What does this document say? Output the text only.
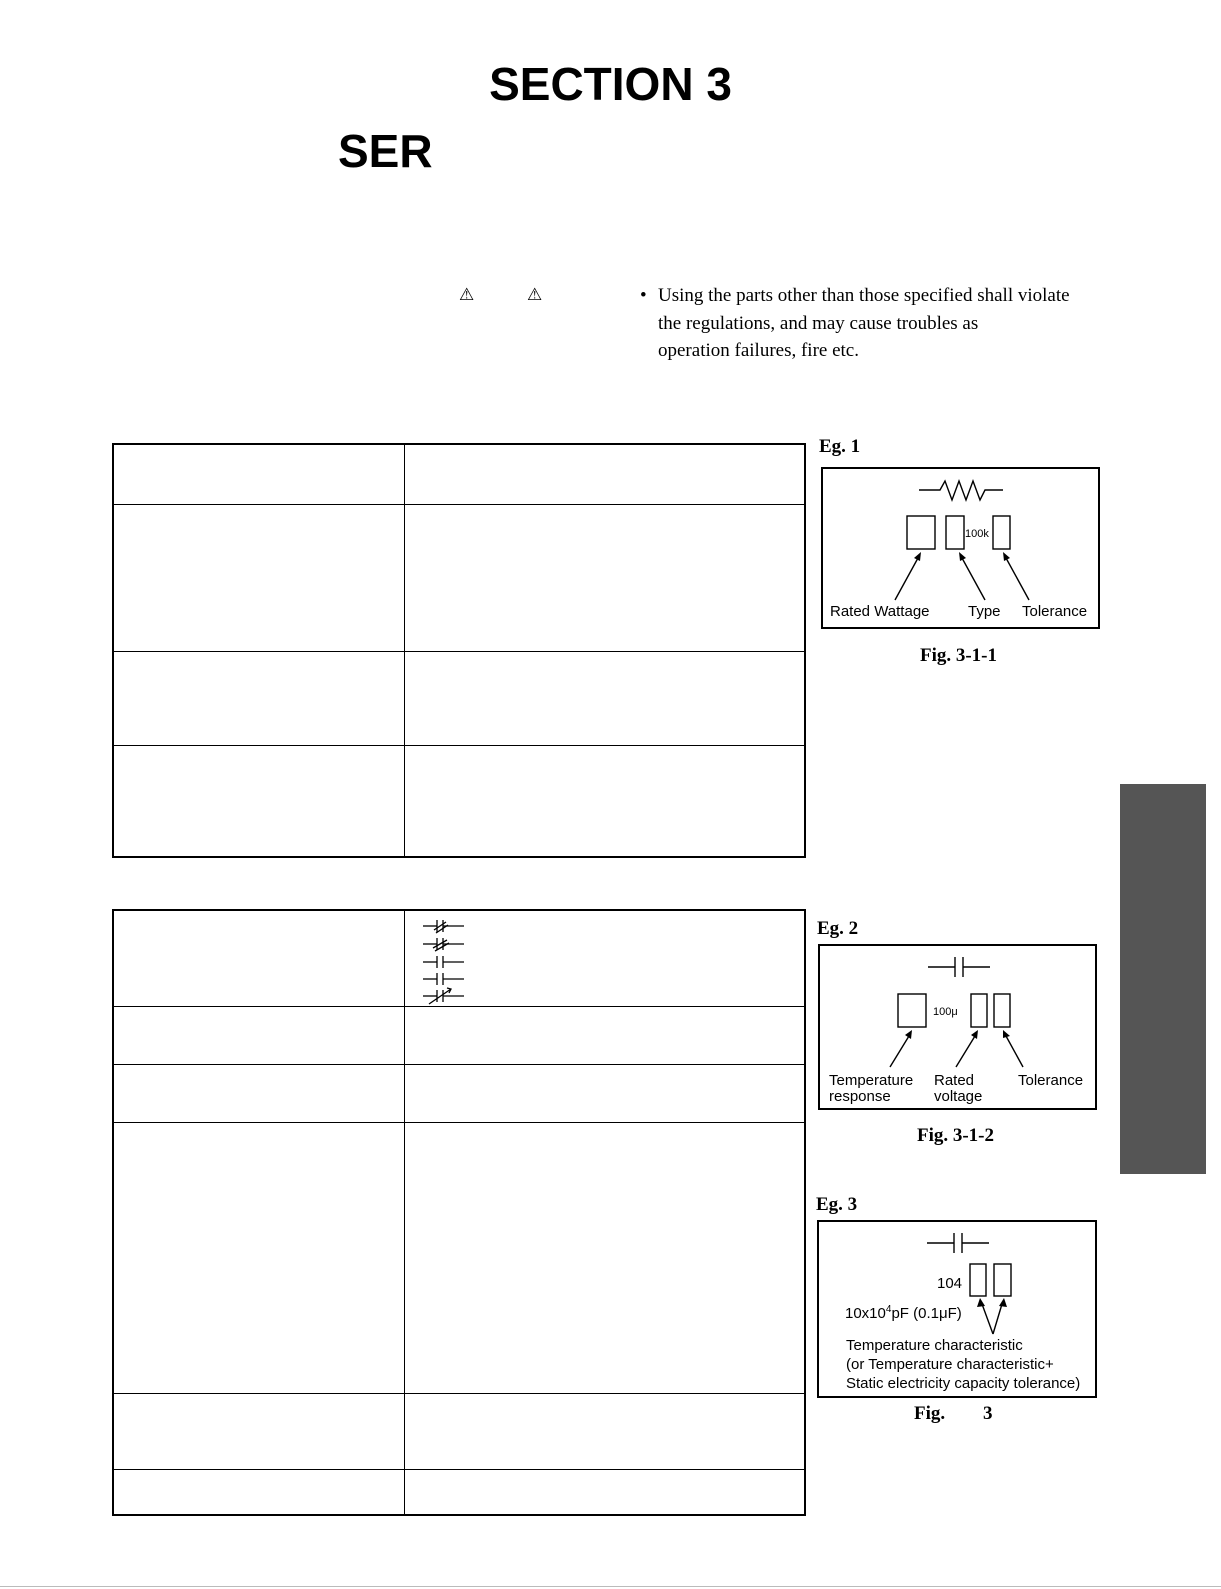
SECTION 3
SER
⚠	⚠	• Using the parts other than those specified shall violate
the regulations, and may cause troubles as
operation failures, fire etc.

Eg. 1
100k
Rated Wattage	Type Tolerance
Fig. 3-1-1
Eg. 2
100μ
Temperature
response
Rated
voltage
Tolerance
Fig. 3-1-2
Eg. 3
104
$10x10^4pF$ (0.1μF)
Temperature characteristic
(or Temperature characteristic+
Static electricity capacity tolerance)
Fig. 3
